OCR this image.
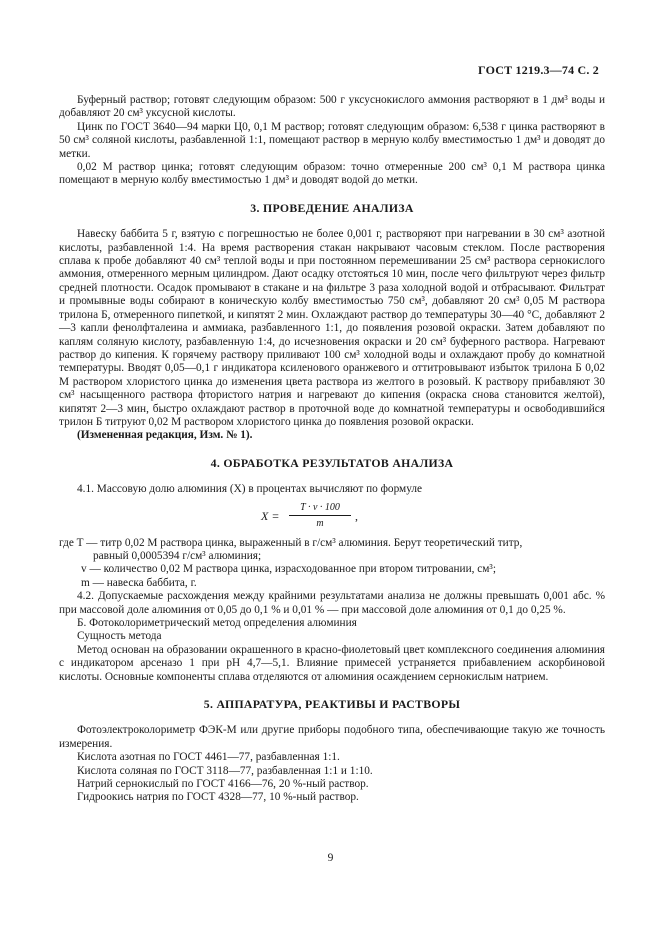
ГОСТ 1219.3—74 С. 2

Буферный раствор; готовят следующим образом: 500 г уксуснокислого аммония растворяют в 1 дм³ воды и добавляют 20 см³ уксусной кислоты.

Цинк по ГОСТ 3640—94 марки Ц0, 0,1 М раствор; готовят следующим образом: 6,538 г цинка растворяют в 50 см³ соляной кислоты, разбавленной 1:1, помещают раствор в мерную колбу вместимостью 1 дм³ и доводят до метки.

0,02 М раствор цинка; готовят следующим образом: точно отмеренные 200 см³ 0,1 М раствора цинка помещают в мерную колбу вместимостью 1 дм³ и доводят водой до метки.

3. ПРОВЕДЕНИЕ АНАЛИЗА

Навеску баббита 5 г, взятую с погрешностью не более 0,001 г, растворяют при нагревании в 30 см³ азотной кислоты, разбавленной 1:4. На время растворения стакан накрывают часовым стеклом. После растворения сплава к пробе добавляют 40 см³ теплой воды и при постоянном перемешивании 25 см³ раствора сернокислого аммония, отмеренного мерным цилиндром. Дают осадку отстояться 10 мин, после чего фильтруют через фильтр средней плотности. Осадок промывают в стакане и на фильтре 3 раза холодной водой и отбрасывают. Фильтрат и промывные воды собирают в коническую колбу вместимостью 750 см³, добавляют 20 см³ 0,05 М раствора трилона Б, отмеренного пипеткой, и кипятят 2 мин. Охлаждают раствор до температуры 30—40 °С, добавляют 2—3 капли фенолфталеина и аммиака, разбавленного 1:1, до появления розовой окраски. Затем добавляют по каплям соляную кислоту, разбавленную 1:4, до исчезновения окраски и 20 см³ буферного раствора. Нагревают раствор до кипения. К горячему раствору приливают 100 см³ холодной воды и охлаждают пробу до комнатной температуры. Вводят 0,05—0,1 г индикатора ксиленового оранжевого и оттитровывают избыток трилона Б 0,02 М раствором хлористого цинка до изменения цвета раствора из желтого в розовый. К раствору прибавляют 30 см³ насыщенного раствора фтористого натрия и нагревают до кипения (окраска снова становится желтой), кипятят 2—3 мин, быстро охлаждают раствор в проточной воде до комнатной температуры и освободившийся трилон Б титруют 0,02 М раствором хлористого цинка до появления розовой окраски.

(Измененная редакция, Изм. № 1).

4. ОБРАБОТКА РЕЗУЛЬТАТОВ АНАЛИЗА

4.1. Массовую долю алюминия (X) в процентах вычисляют по формуле

$X = \frac{T \cdot v \cdot 100}{m}$ ,
где T — титр 0,02 М раствора цинка, выраженный в г/см³ алюминия. Берут теоретический титр,
равный 0,0005394 г/см³ алюминия;
v — количество 0,02 М раствора цинка, израсходованное при втором титровании, см³;
m — навеска баббита, г.

4.2. Допускаемые расхождения между крайними результатами анализа не должны превышать 0,001 абс. % при массовой доле алюминия от 0,05 до 0,1 % и 0,01 % — при массовой доле алюминия от 0,1 до 0,25 %.

Б. Фотоколориметрический метод определения алюминия

Сущность метода

Метод основан на образовании окрашенного в красно-фиолетовый цвет комплексного соединения алюминия с индикатором арсеназо 1 при рН 4,7—5,1. Влияние примесей устраняется прибавлением аскорбиновой кислоты. Основные компоненты сплава отделяются от алюминия осаждением сернокислым натрием.

5. АППАРАТУРА, РЕАКТИВЫ И РАСТВОРЫ

Фотоэлектроколориметр ФЭК-М или другие приборы подобного типа, обеспечивающие такую же точность измерения.

Кислота азотная по ГОСТ 4461—77, разбавленная 1:1.

Кислота соляная по ГОСТ 3118—77, разбавленная 1:1 и 1:10.

Натрий сернокислый по ГОСТ 4166—76, 20 %-ный раствор.

Гидроокись натрия по ГОСТ 4328—77, 10 %-ный раствор.

9
